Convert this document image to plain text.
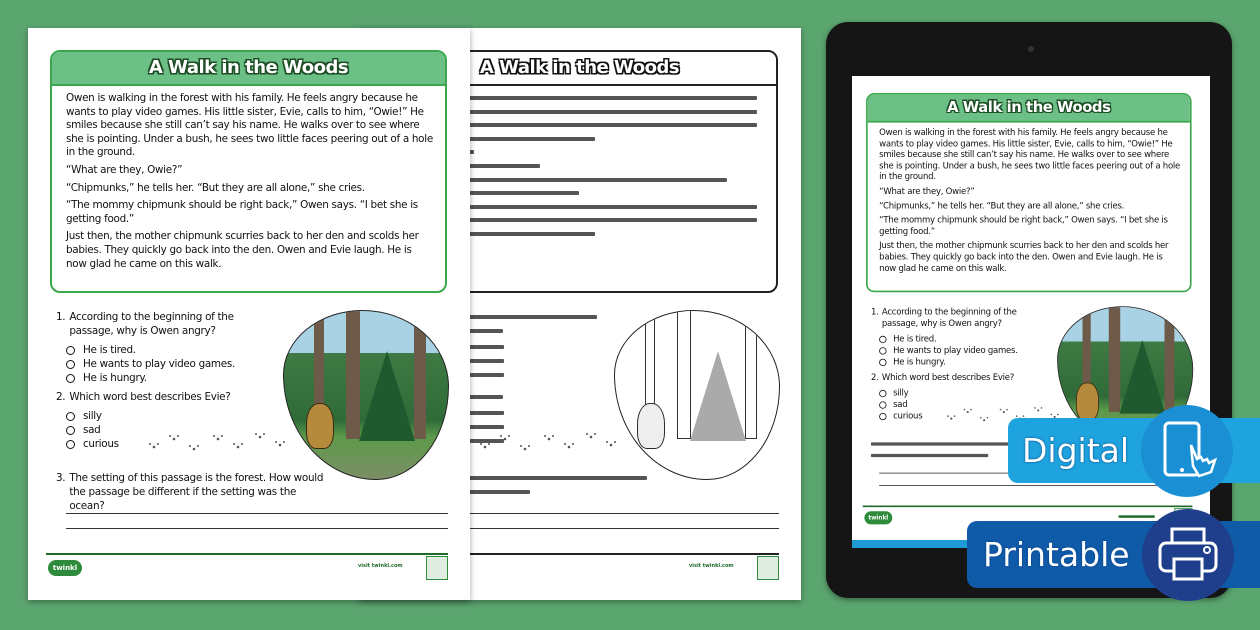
A Walk in the Woods

Owen is walking in the forest with his family. He feels angry because he wants to play video games. His little sister, Evie, calls to him, “Owie!” He smiles because she still can’t say his name. He walks over to see where she is pointing. Under a bush, he sees two little faces peering out of a hole in the ground.

“What are they, Owie?”

“Chipmunks,” he tells her. “But they are all alone,” she cries.

“The mommy chipmunk should be right back,” Owen says. “I bet she is getting food.”

Just then, the mother chipmunk scurries back to her den and scolds her babies. They quickly go back into the den. Owen and Evie laugh. He is now glad he came on this walk.

1. According to the beginning of the passage, why is Owen angry?
He is tired.
He wants to play video games.
He is hungry.
2. Which word best describes Evie?
silly
sad
curious
3. The setting of this passage is the forest. How would the passage be different if the setting was the ocean?
twinkl	visit twinkl.com
A Walk in the Woods
visit twinkl.com
A Walk in the Woods

Owen is walking in the forest with his family. He feels angry because he wants to play video games. His little sister, Evie, calls to him, “Owie!” He smiles because she still can’t say his name. He walks over to see where she is pointing. Under a bush, he sees two little faces peering out of a hole in the ground.

“What are they, Owie?”

“Chipmunks,” he tells her. “But they are all alone,” she cries.

“The mommy chipmunk should be right back,” Owen says. “I bet she is getting food.”

Just then, the mother chipmunk scurries back to her den and scolds her babies. They quickly go back into the den. Owen and Evie laugh. He is now glad he came on this walk.

1. According to the beginning of the passage, why is Owen angry?
He is tired.
He wants to play video games.
He is hungry.
2. Which word best describes Evie?
silly
sad
curious
twinkl
Digital
Printable
